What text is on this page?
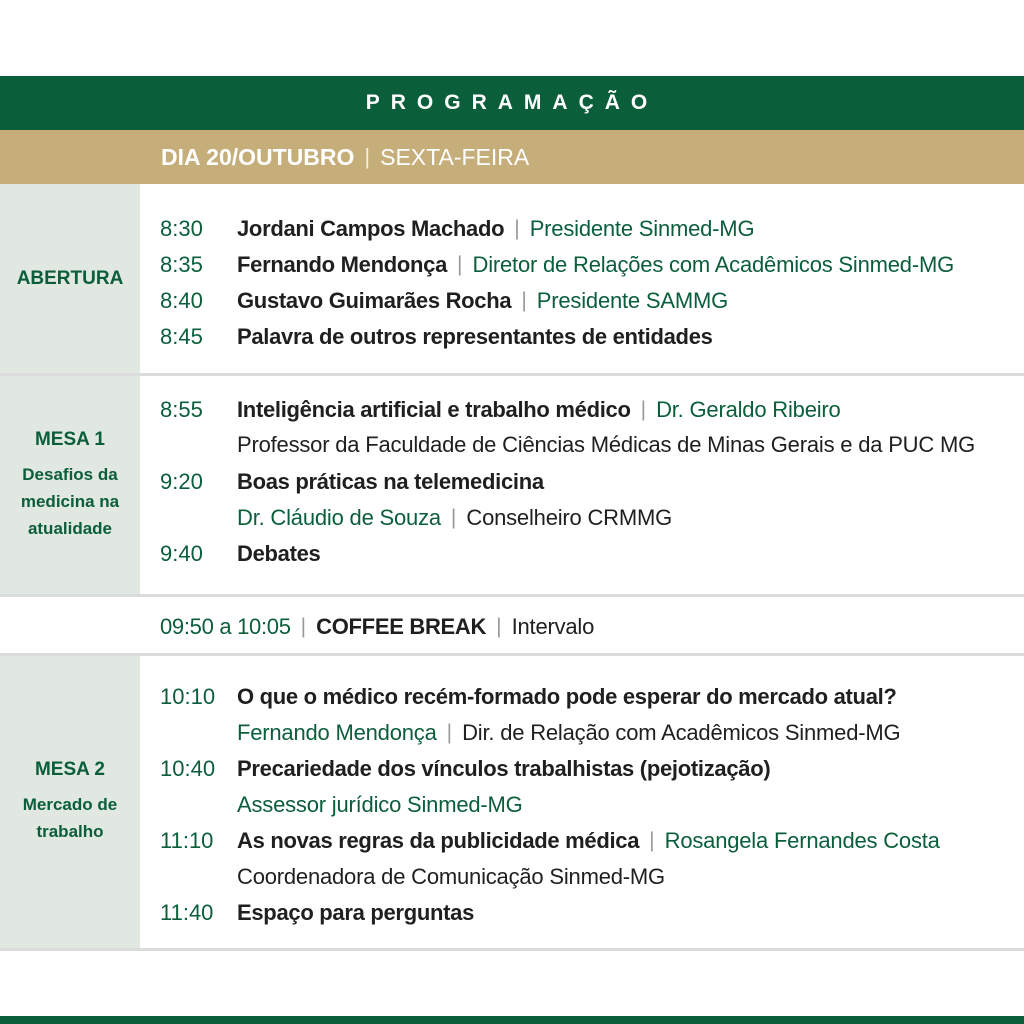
PROGRAMAÇÃO
DIA 20/OUTUBRO | SEXTA-FEIRA
ABERTURA
8:30	Jordani Campos Machado | Presidente Sinmed-MG
8:35	Fernando Mendonça | Diretor de Relações com Acadêmicos Sinmed-MG
8:40	Gustavo Guimarães Rocha | Presidente SAMMG
8:45	Palavra de outros representantes de entidades
MESA 1
Desafios da
medicina na
atualidade
8:55	Inteligência artificial e trabalho médico | Dr. Geraldo Ribeiro
Professor da Faculdade de Ciências Médicas de Minas Gerais e da PUC MG
9:20	Boas práticas na telemedicina
Dr. Cláudio de Souza | Conselheiro CRMMG
9:40	Debates
09:50 a 10:05 | COFFEE BREAK | Intervalo
MESA 2
Mercado de
trabalho
10:10 O que o médico recém-formado pode esperar do mercado atual?
Fernando Mendonça | Dir. de Relação com Acadêmicos Sinmed-MG
10:40 Precariedade dos vínculos trabalhistas (pejotização)
Assessor jurídico Sinmed-MG
11:10	As novas regras da publicidade médica | Rosangela Fernandes Costa
Coordenadora de Comunicação Sinmed-MG
11:40	Espaço para perguntas
